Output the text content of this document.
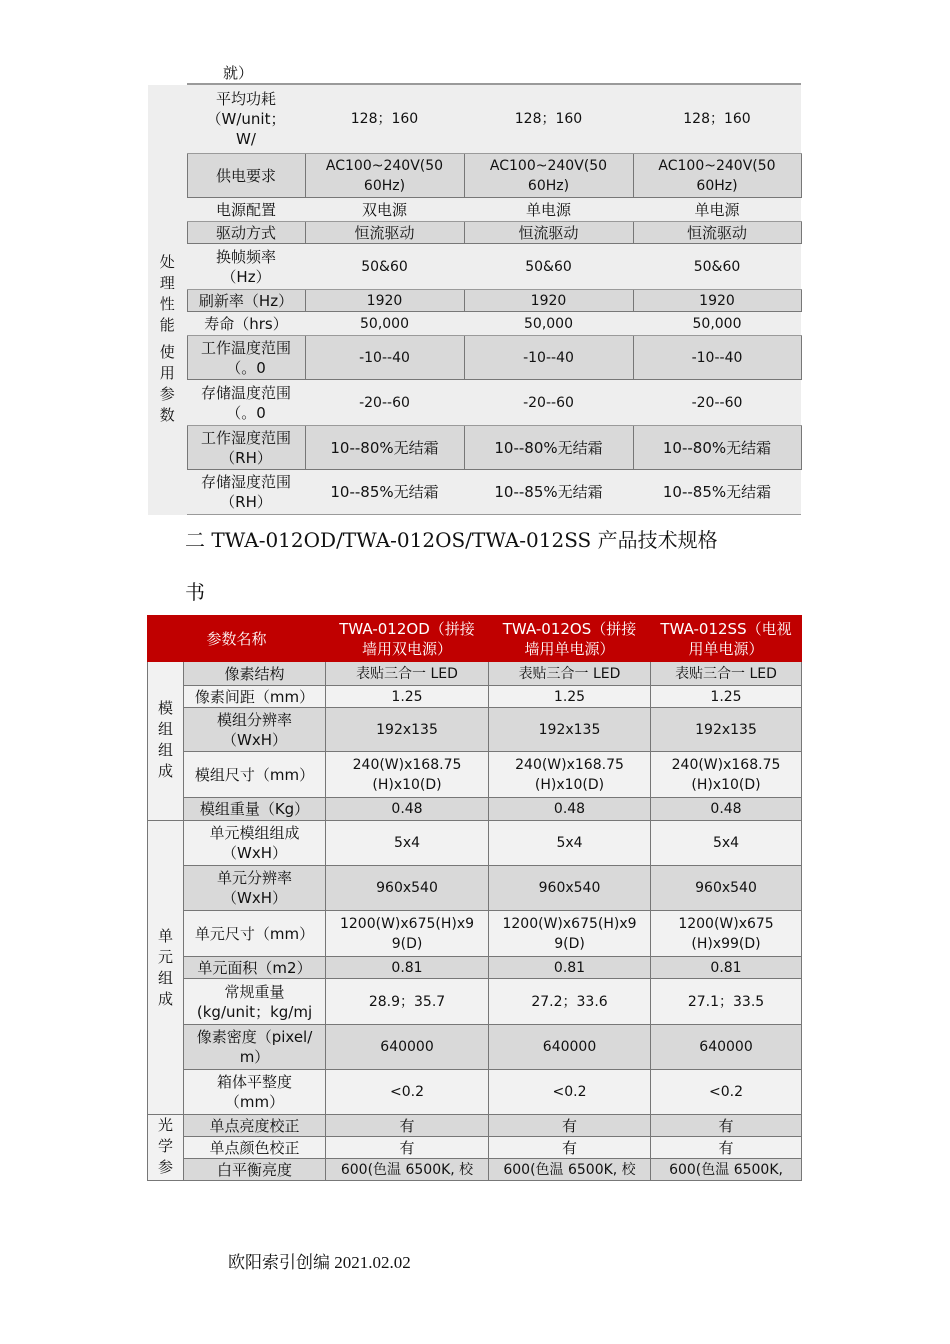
就）
处
理
性
能	平均功耗
（W/unit；
W/	128；160	128；160	128；160
	供电要求	AC100~240V(50
60Hz)	AC100~240V(50
60Hz)	AC100~240V(50
60Hz)
	电源配置	双电源	单电源	单电源
	驱动方式	恒流驱动	恒流驱动	恒流驱动
	换帧频率
（Hz）	50&60	50&60	50&60
	刷新率（Hz）	1920	1920	1920
	寿命（hrs）	50,000	50,000	50,000
使
用
参
数	工作温度范围
（。0	-10--40	-10--40	-10--40
	存储温度范围
（。0	-20--60	-20--60	-20--60
	工作湿度范围
（RH）	10--80%无结霜	10--80%无结霜	10--80%无结霜
	存储湿度范围
（RH）	10--85%无结霜	10--85%无结霜	10--85%无结霜
二 TWA-012OD/TWA-012OS/TWA-012SS 产品技术规格
书
参数名称		TWA-012OD（拼接
墙用双电源）	TWA-012OS（拼接
墙用单电源）	TWA-012SS（电视
用单电源）
模
组
组
成	像素结构	表贴三合一 LED	表贴三合一 LED	表贴三合一 LED
	像素间距（mm）	1.25	1.25	1.25
	模组分辨率
（WxH）	192x135	192x135	192x135
	模组尺寸（mm）	240(W)x168.75
(H)x10(D)	240(W)x168.75
(H)x10(D)	240(W)x168.75
(H)x10(D)
	模组重量（Kg）	0.48	0.48	0.48
单
元
组
成	单元模组组成
（WxH）	5x4	5x4	5x4
	单元分辨率
（WxH）	960x540	960x540	960x540
	单元尺寸（mm）	1200(W)x675(H)x9
9(D)	1200(W)x675(H)x9
9(D)	1200(W)x675
(H)x99(D)
	单元面积（m2）	0.81	0.81	0.81
	常规重量
(kg/unit；kg/mj	28.9；35.7	27.2；33.6	27.1；33.5
	像素密度（pixel/
m）	640000	640000	640000
	箱体平整度
（mm）	<0.2	<0.2	<0.2
光
学
参	单点亮度校正	有	有	有
	单点颜色校正	有	有	有
	白平衡亮度	600(色温 6500K, 校	600(色温 6500K, 校	600(色温 6500K,
欧阳索引创编 2021.02.02
